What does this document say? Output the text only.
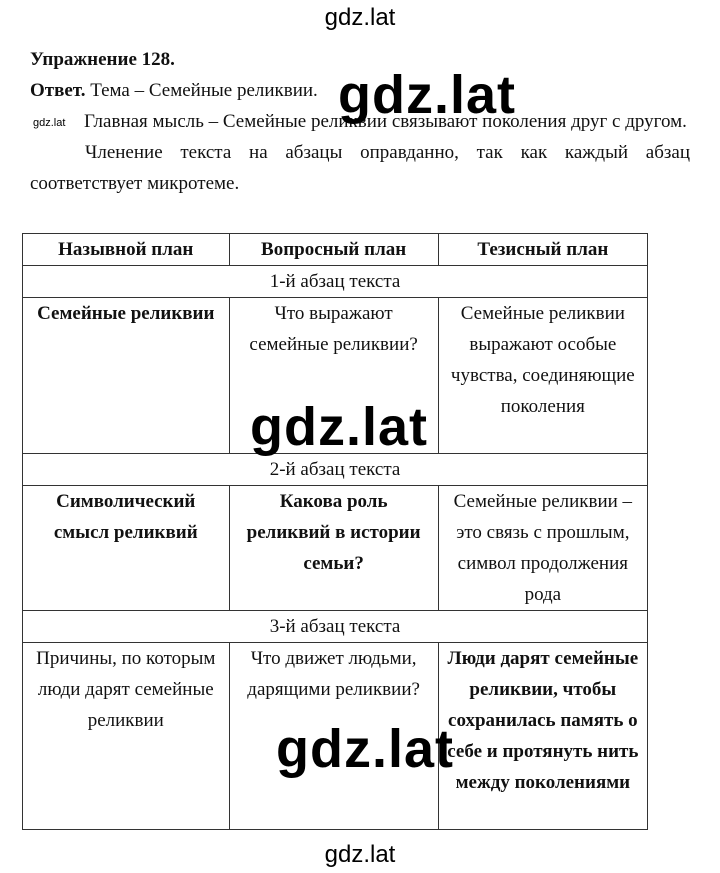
gdz.lat

Упражнение 128.

Ответ. Тема – Семейные реликвии.

Главная мысль – Семейные реликвии связывают поколения друг с другом.

Членение текста на абзацы оправданно, так как каждый абзац соответствует микротеме.

Назывной план	Вопросный план	Тезисный план
1-й абзац текста		
Семейные реликвии	Что выражают семейные реликвии?	Семейные реликвии выражают особые чувства, соединяющие поколения
2-й абзац текста		
Символический смысл реликвий	Какова роль реликвий в истории семьи?	Семейные реликвии – это связь с прошлым, символ продолжения рода
3-й абзац текста		
Причины, по которым люди дарят семейные реликвии	Что движет людьми, дарящими реликвии?	Люди дарят семейные реликвии, чтобы сохранилась память о себе и протянуть нить между поколениями
gdz.lat	gdz.lat
gdz.lat
gdz.lat
gdz.lat
